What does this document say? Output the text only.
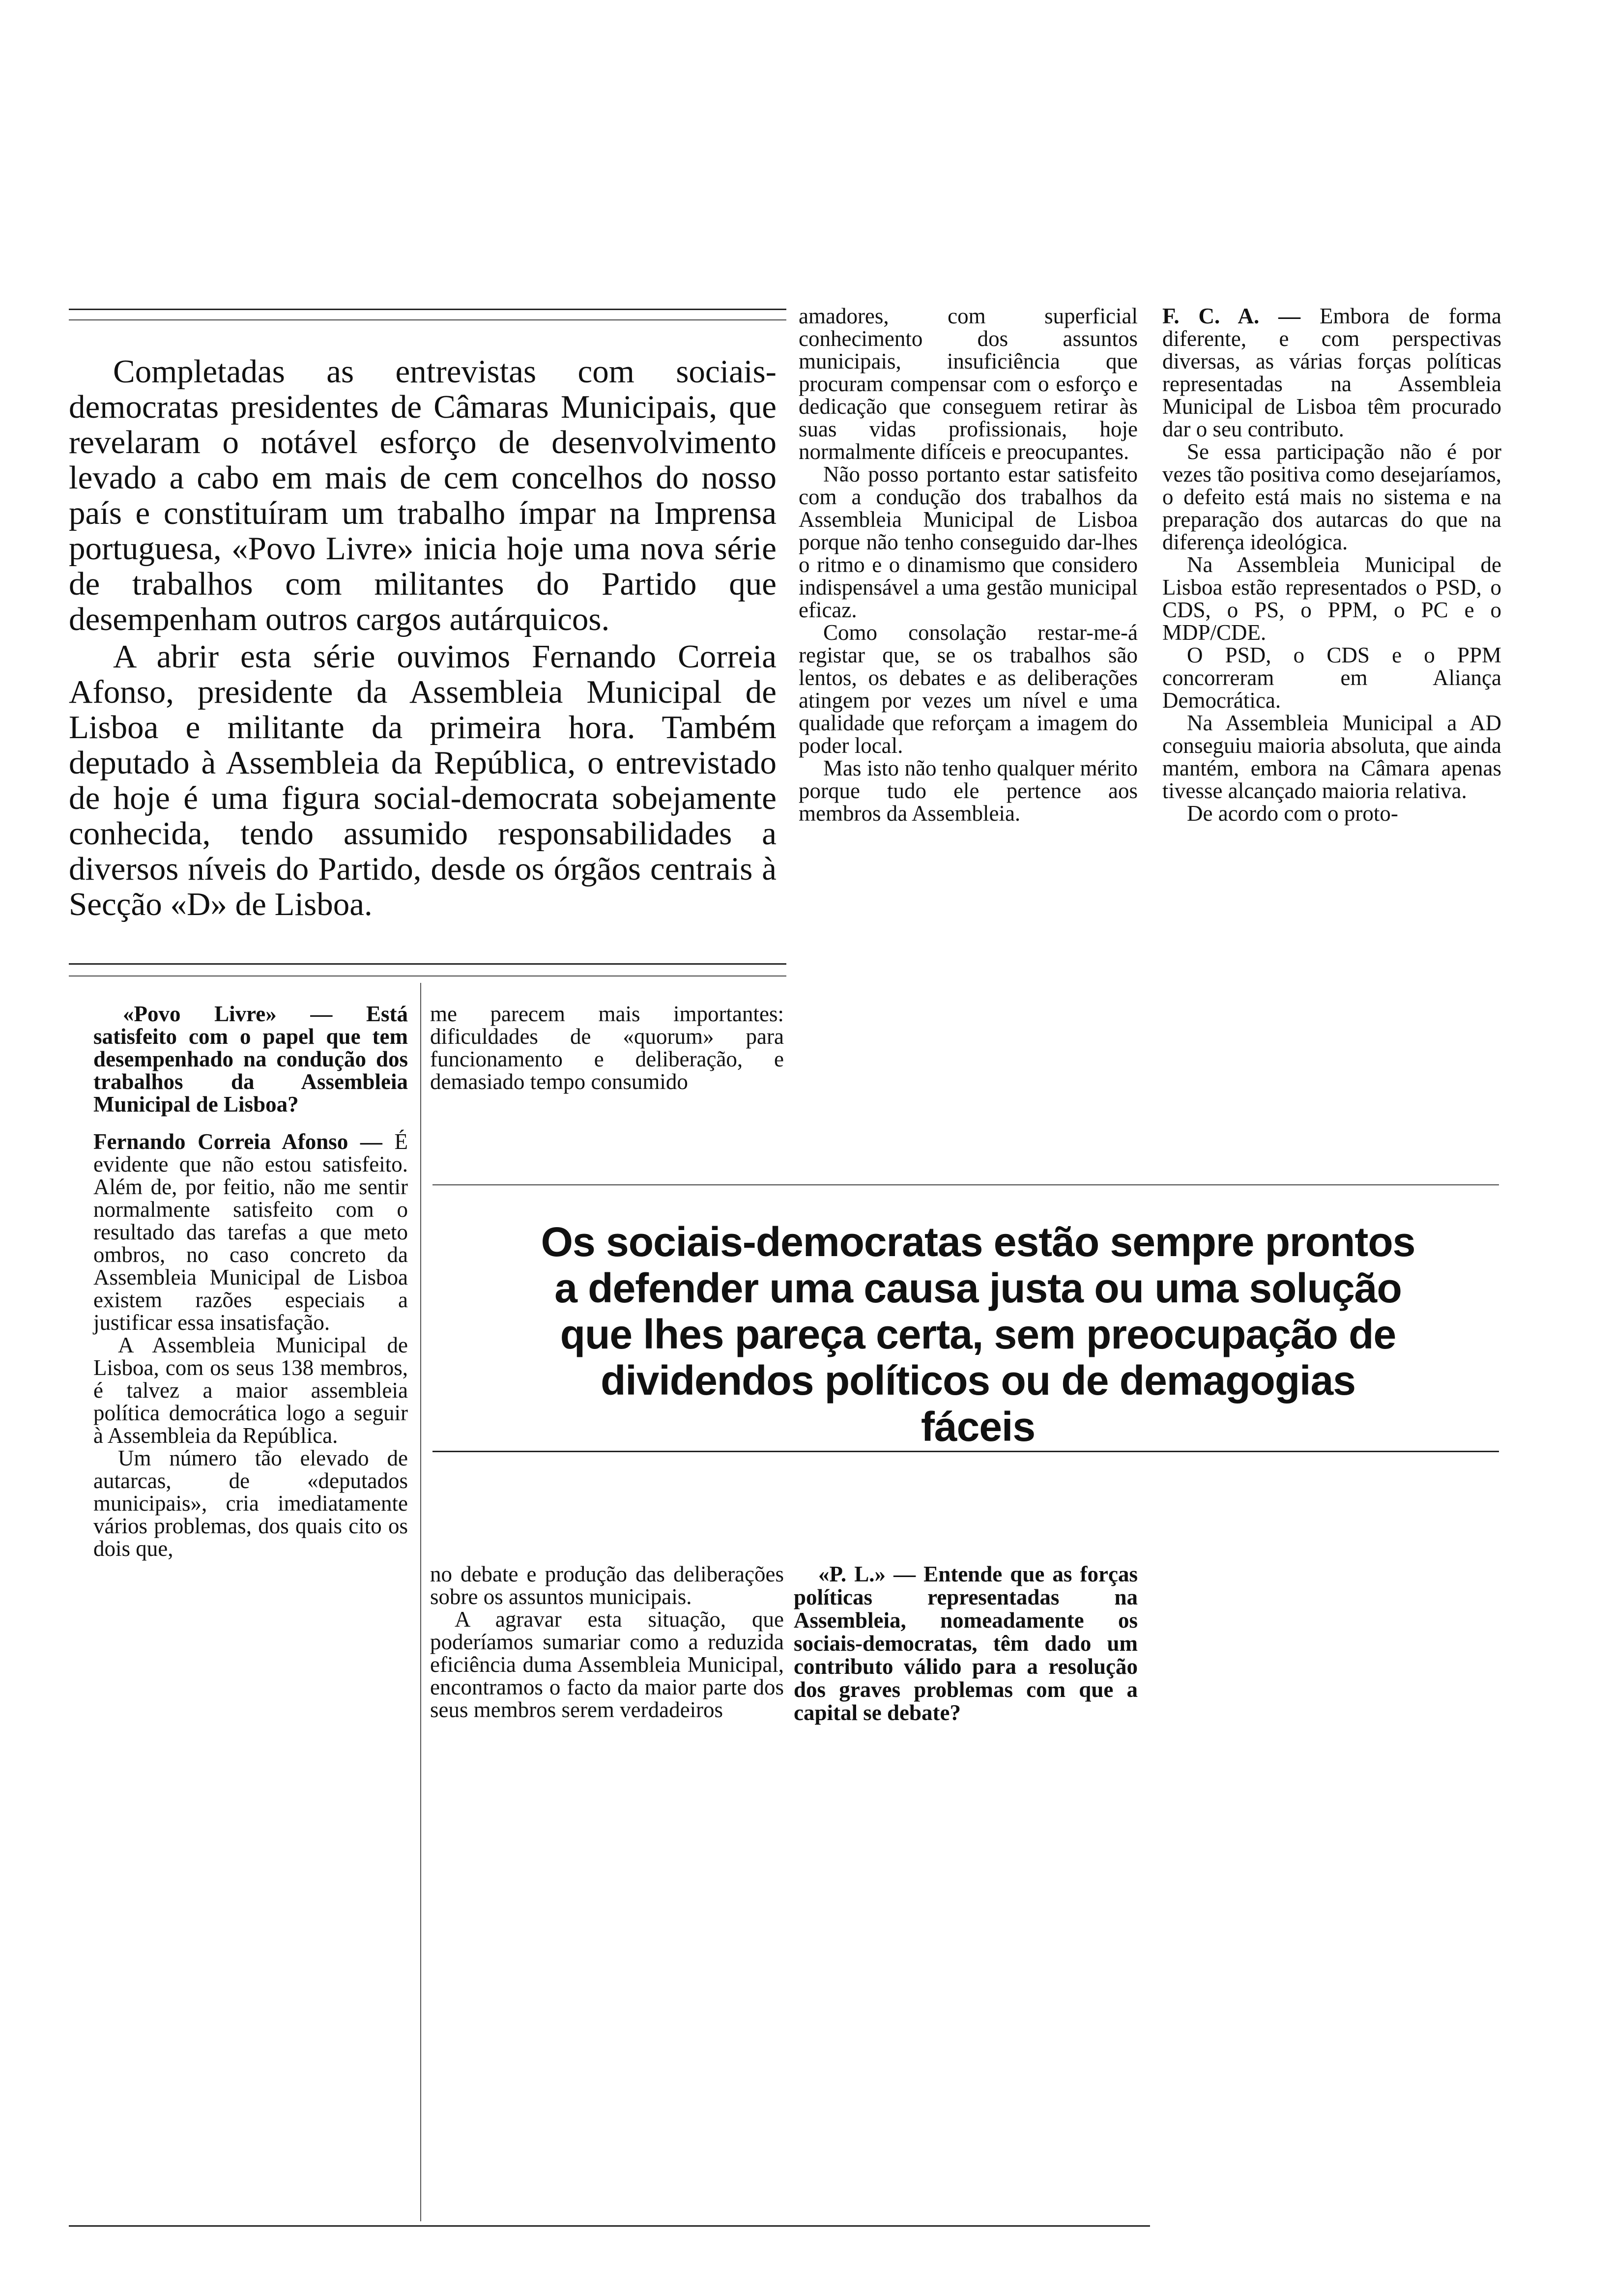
Completadas as entrevistas com sociais-democratas presidentes de Câmaras Municipais, que revelaram o notável esforço de desenvolvimento levado a cabo em mais de cem concelhos do nosso país e constituíram um trabalho ímpar na Imprensa portuguesa, «Povo Livre» inicia hoje uma nova série de trabalhos com militantes do Partido que desempenham outros cargos autárquicos.

A abrir esta série ouvimos Fernando Correia Afonso, presidente da Assembleia Municipal de Lisboa e militante da primeira hora. Também deputado à Assembleia da República, o entrevistado de hoje é uma figura social-democrata sobejamente conhecida, tendo assumido responsabilidades a diversos níveis do Partido, desde os órgãos centrais à Secção «D» de Lisboa.

«Povo Livre» — Está satisfeito com o papel que tem desempenhado na condução dos trabalhos da Assembleia Municipal de Lisboa?

Fernando Correia Afonso — É evidente que não estou satisfeito. Além de, por feitio, não me sentir normalmente satisfeito com o resultado das tarefas a que meto ombros, no caso concreto da Assembleia Municipal de Lisboa existem razões especiais a justificar essa insatisfação.

A Assembleia Municipal de Lisboa, com os seus 138 membros, é talvez a maior assembleia política democrática logo a seguir à Assembleia da República.

Um número tão elevado de autarcas, de «deputados municipais», cria imediatamente vários problemas, dos quais cito os dois que,

me parecem mais importantes: dificuldades de «quorum» para funcionamento e deliberação, e demasiado tempo consumido

no debate e produção das deliberações sobre os assuntos municipais.

A agravar esta situação, que poderíamos sumariar como a reduzida eficiência duma Assembleia Municipal, encontramos o facto da maior parte dos seus membros serem verdadeiros

amadores, com superficial conhecimento dos assuntos municipais, insuficiência que procuram compensar com o esforço e dedicação que conseguem retirar às suas vidas profissionais, hoje normalmente difíceis e preocupantes.

Não posso portanto estar satisfeito com a condução dos trabalhos da Assembleia Municipal de Lisboa porque não tenho conseguido dar-lhes o ritmo e o dinamismo que considero indispensável a uma gestão municipal eficaz.

Como consolação restar-me-á registar que, se os trabalhos são lentos, os debates e as deliberações atingem por vezes um nível e uma qualidade que reforçam a imagem do poder local.

Mas isto não tenho qualquer mérito porque tudo ele pertence aos membros da Assembleia.

F. C. A. — Embora de forma diferente, e com perspectivas diversas, as várias forças políticas representadas na Assembleia Municipal de Lisboa têm procurado dar o seu contributo.

Se essa participação não é por vezes tão positiva como desejaríamos, o defeito está mais no sistema e na preparação dos autarcas do que na diferença ideológica.

Na Assembleia Municipal de Lisboa estão representados o PSD, o CDS, o PS, o PPM, o PC e o MDP/CDE.

O PSD, o CDS e o PPM concorreram em Aliança Democrática.

Na Assembleia Municipal a AD conseguiu maioria absoluta, que ainda mantém, embora na Câmara apenas tivesse alcançado maioria relativa.

De acordo com o proto-

Os sociais-democratas estão sempre prontos
a defender uma causa justa ou uma solução
que lhes pareça certa, sem preocupação de
dividendos políticos ou de demagogias
fáceis

«P. L.» — Entende que as forças políticas representadas na Assembleia, nomeadamente os sociais-democratas, têm dado um contributo válido para a resolução dos graves problemas com que a capital se debate?
